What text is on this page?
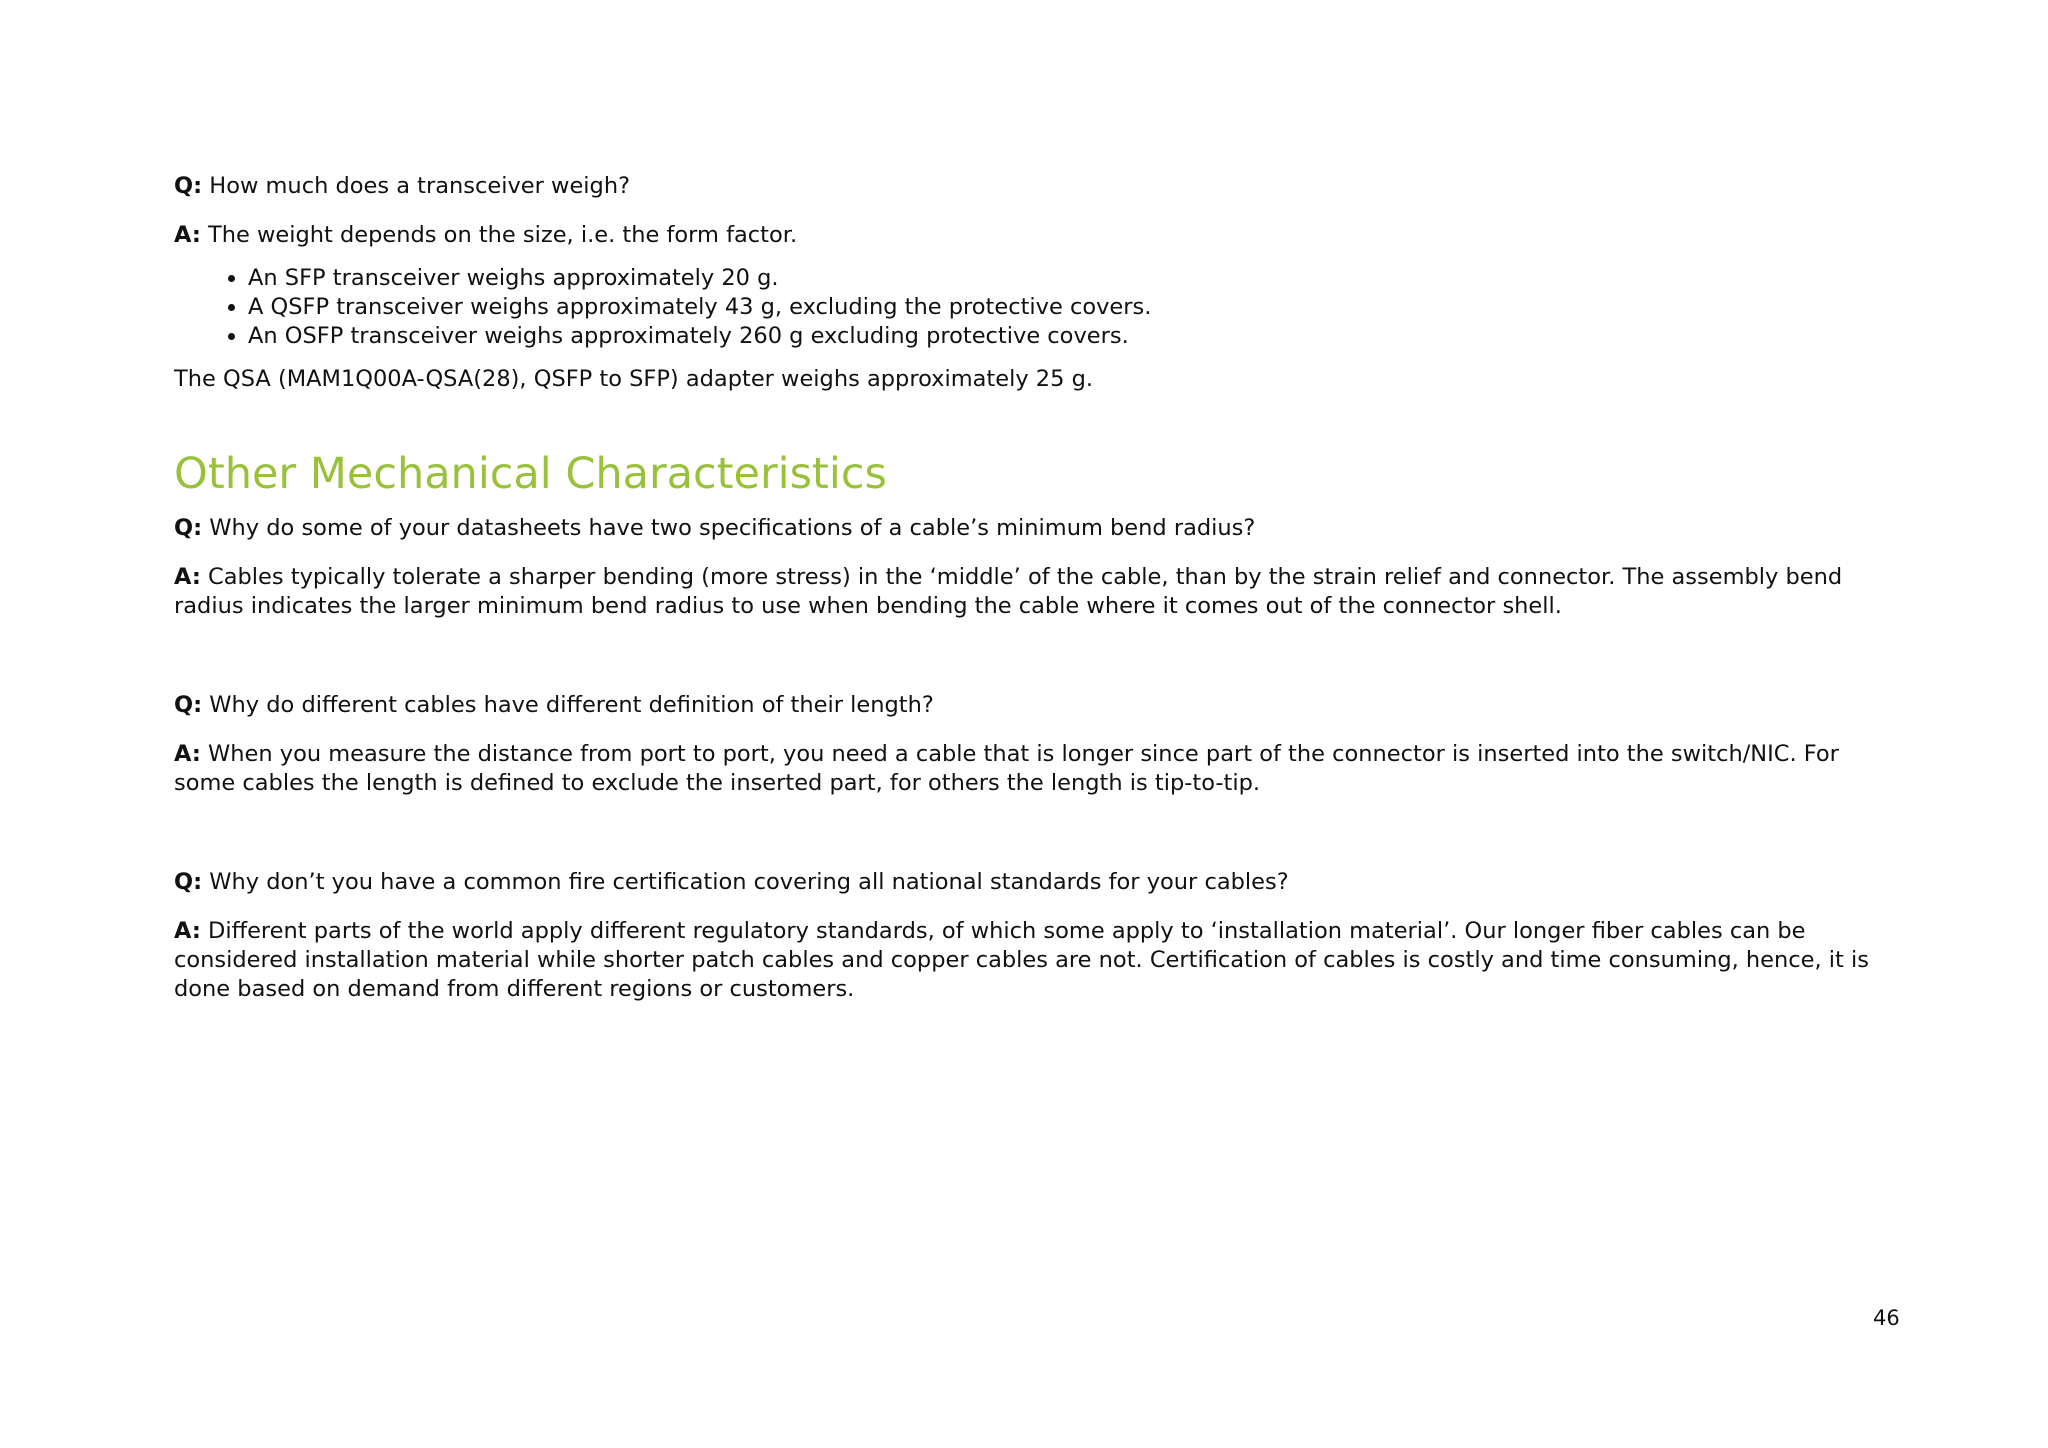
Q: How much does a transceiver weigh?

A: The weight depends on the size, i.e. the form factor.

• An SFP transceiver weighs approximately 20 g.
• A QSFP transceiver weighs approximately 43 g, excluding the protective covers.
• An OSFP transceiver weighs approximately 260 g excluding protective covers.

The QSA (MAM1Q00A-QSA(28), QSFP to SFP) adapter weighs approximately 25 g.

Other Mechanical Characteristics

Q: Why do some of your datasheets have two specifications of a cable’s minimum bend radius?

A: Cables typically tolerate a sharper bending (more stress) in the ‘middle’ of the cable, than by the strain relief and connector. The assembly bend radius indicates the larger minimum bend radius to use when bending the cable where it comes out of the connector shell.

Q: Why do different cables have different definition of their length?

A: When you measure the distance from port to port, you need a cable that is longer since part of the connector is inserted into the switch/NIC. For some cables the length is defined to exclude the inserted part, for others the length is tip-to-tip.

Q: Why don’t you have a common fire certification covering all national standards for your cables?

A: Different parts of the world apply different regulatory standards, of which some apply to ‘installation material’. Our longer fiber cables can be considered installation material while shorter patch cables and copper cables are not. Certification of cables is costly and time consuming, hence, it is done based on demand from different regions or customers.

46
